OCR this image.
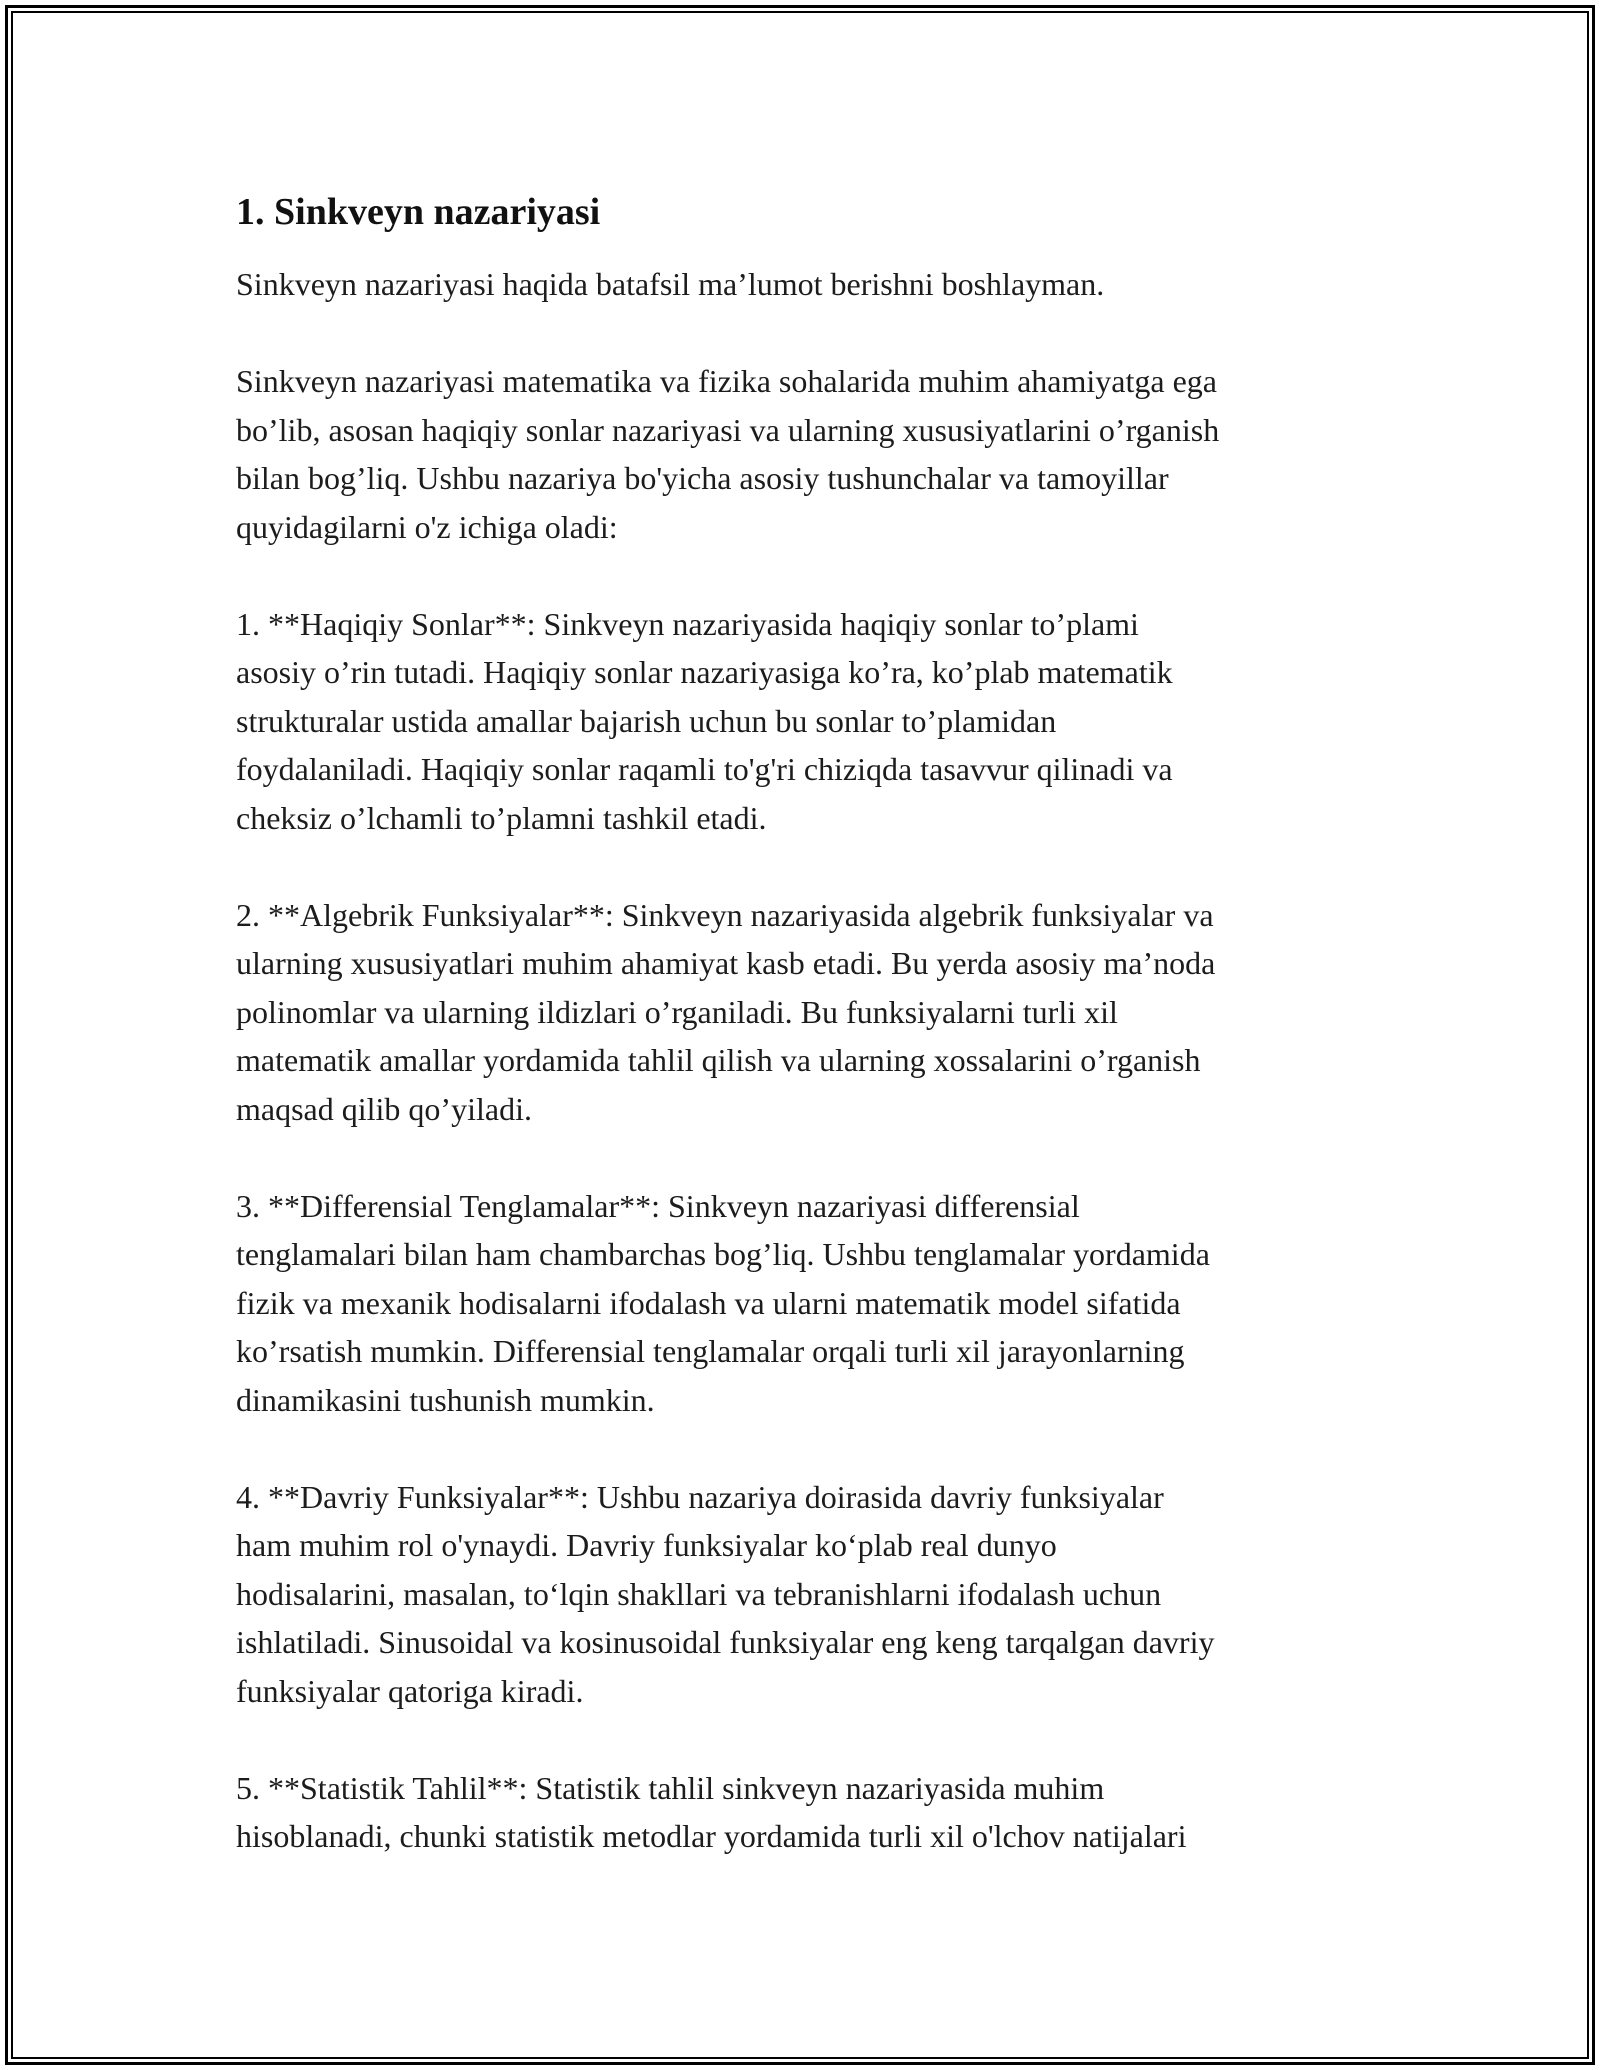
1. Sinkveyn nazariyasi
Sinkveyn nazariyasi haqida batafsil ma’lumot berishni boshlayman.
Sinkveyn nazariyasi matematika va fizika sohalarida muhim ahamiyatga ega
bo’lib, asosan haqiqiy sonlar nazariyasi va ularning xususiyatlarini o’rganish
bilan bog’liq. Ushbu nazariya bo'yicha asosiy tushunchalar va tamoyillar
quyidagilarni o'z ichiga oladi:
1. **Haqiqiy Sonlar**: Sinkveyn nazariyasida haqiqiy sonlar to’plami
asosiy o’rin tutadi. Haqiqiy sonlar nazariyasiga ko’ra, ko’plab matematik
strukturalar ustida amallar bajarish uchun bu sonlar to’plamidan
foydalaniladi. Haqiqiy sonlar raqamli to'g'ri chiziqda tasavvur qilinadi va
cheksiz o’lchamli to’plamni tashkil etadi.
2. **Algebrik Funksiyalar**: Sinkveyn nazariyasida algebrik funksiyalar va
ularning xususiyatlari muhim ahamiyat kasb etadi. Bu yerda asosiy ma’noda
polinomlar va ularning ildizlari o’rganiladi. Bu funksiyalarni turli xil
matematik amallar yordamida tahlil qilish va ularning xossalarini o’rganish
maqsad qilib qo’yiladi.
3. **Differensial Tenglamalar**: Sinkveyn nazariyasi differensial
tenglamalari bilan ham chambarchas bog’liq. Ushbu tenglamalar yordamida
fizik va mexanik hodisalarni ifodalash va ularni matematik model sifatida
ko’rsatish mumkin. Differensial tenglamalar orqali turli xil jarayonlarning
dinamikasini tushunish mumkin.
4. **Davriy Funksiyalar**: Ushbu nazariya doirasida davriy funksiyalar
ham muhim rol o'ynaydi. Davriy funksiyalar ko‘plab real dunyo
hodisalarini, masalan, to‘lqin shakllari va tebranishlarni ifodalash uchun
ishlatiladi. Sinusoidal va kosinusoidal funksiyalar eng keng tarqalgan davriy
funksiyalar qatoriga kiradi.
5. **Statistik Tahlil**: Statistik tahlil sinkveyn nazariyasida muhim
hisoblanadi, chunki statistik metodlar yordamida turli xil o'lchov natijalari
